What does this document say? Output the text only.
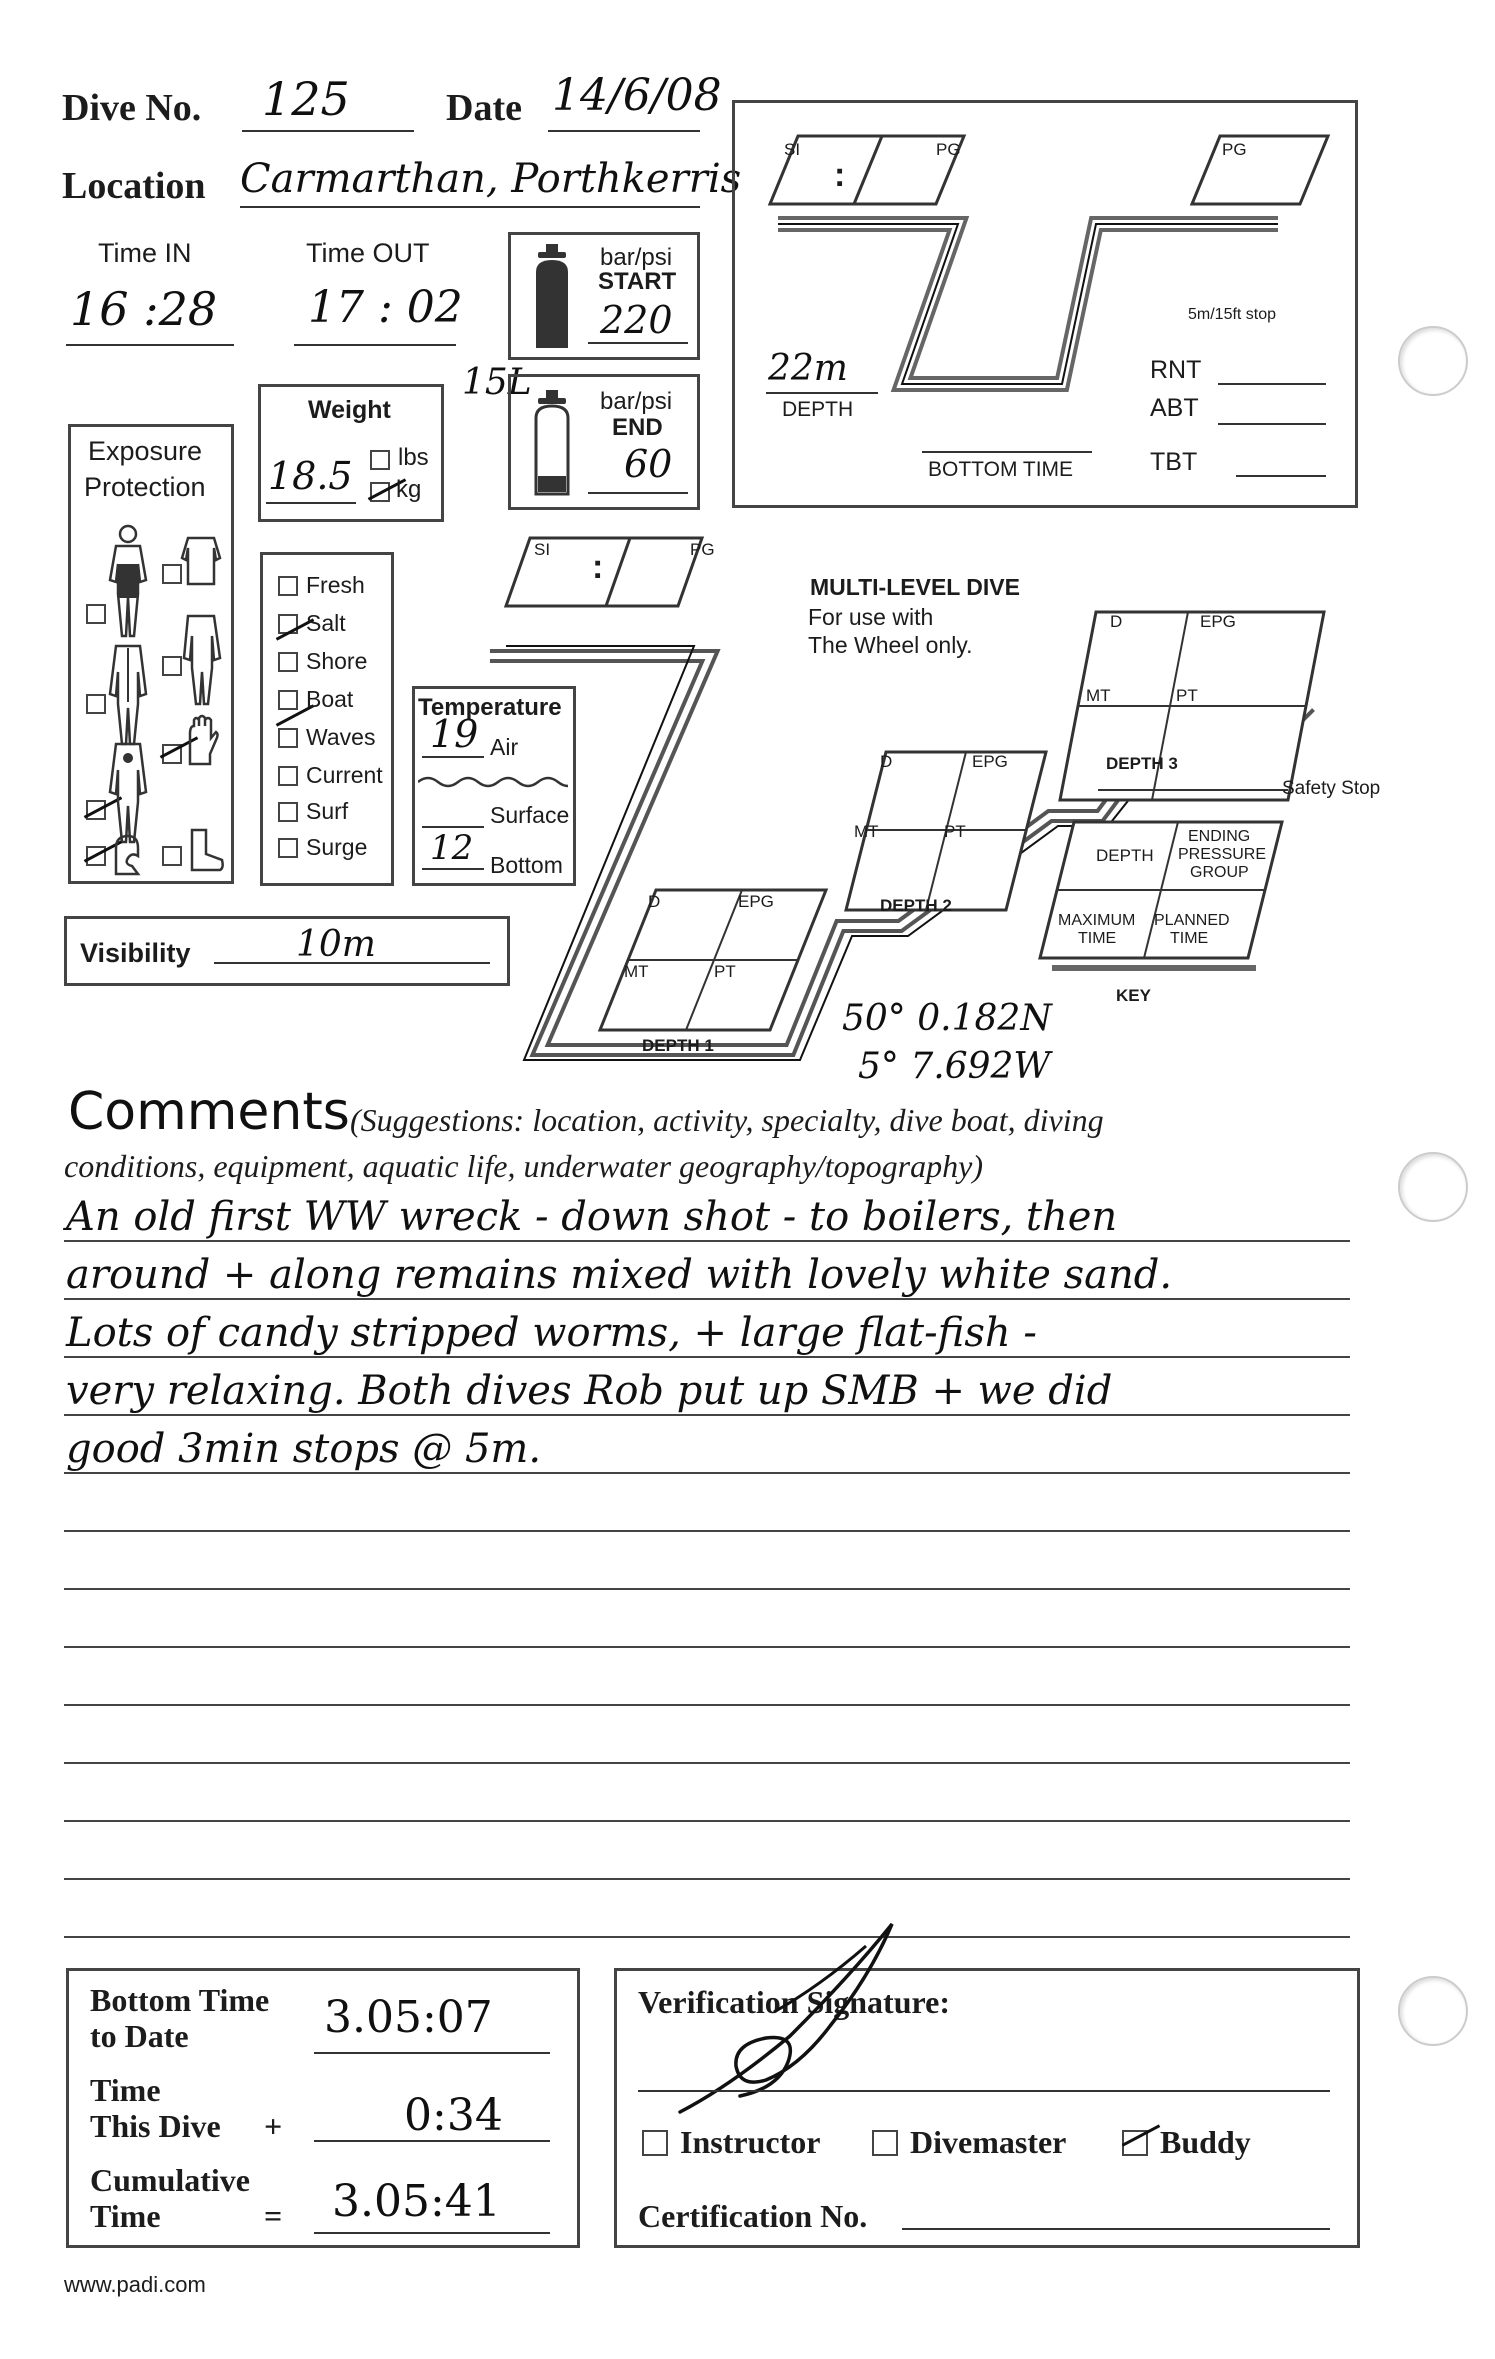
Dive No. 125	Date 14/6/08
Location Carmarthan, Porthkerris
Time IN
16 :28
Time OUT
17 : 02
bar/psi
START
220
15L	bar/psi
END
60
Weight
18.5 lbs
kg
Exposure
Protection
Fresh
Salt
Shore
Boat
Waves
Current
Surf
Surge
Temperature
19 Air
Surface
12 Bottom
Visibility	10m
SI
:
PG	PG
5m/15ft stop
22m
DEPTH
RNT
ABT
TBT
BOTTOM TIME
SI :	PG
MULTI-LEVEL DIVE
For use with
The Wheel only.
D	EPG
MT	PT
DEPTH 3
Safety Stop
D	EPG
MT	PT
DEPTH 2
D	EPG
MT	PT
DEPTH 1
DEPTH
ENDING
PRESSURE
GROUP
MAXIMUM
TIME
PLANNED
TIME
KEY
50° 0.182N
5° 7.692W
Comments (Suggestions: location, activity, specialty, dive boat, diving
conditions, equipment, aquatic life, underwater geography/topography)
An old first WW wreck - down shot - to boilers, then
around + along remains mixed with lovely white sand.
Lots of candy stripped worms, + large flat-fish -
very relaxing. Both dives Rob put up SMB + we did
good 3min stops @ 5m.
Bottom Time
to Date	3.05:07
Time
This Dive +	0:34
Cumulative
Time	= 3.05:41
Verification Signature:
Instructor	Divemaster	Buddy
Certification No.
www.padi.com
